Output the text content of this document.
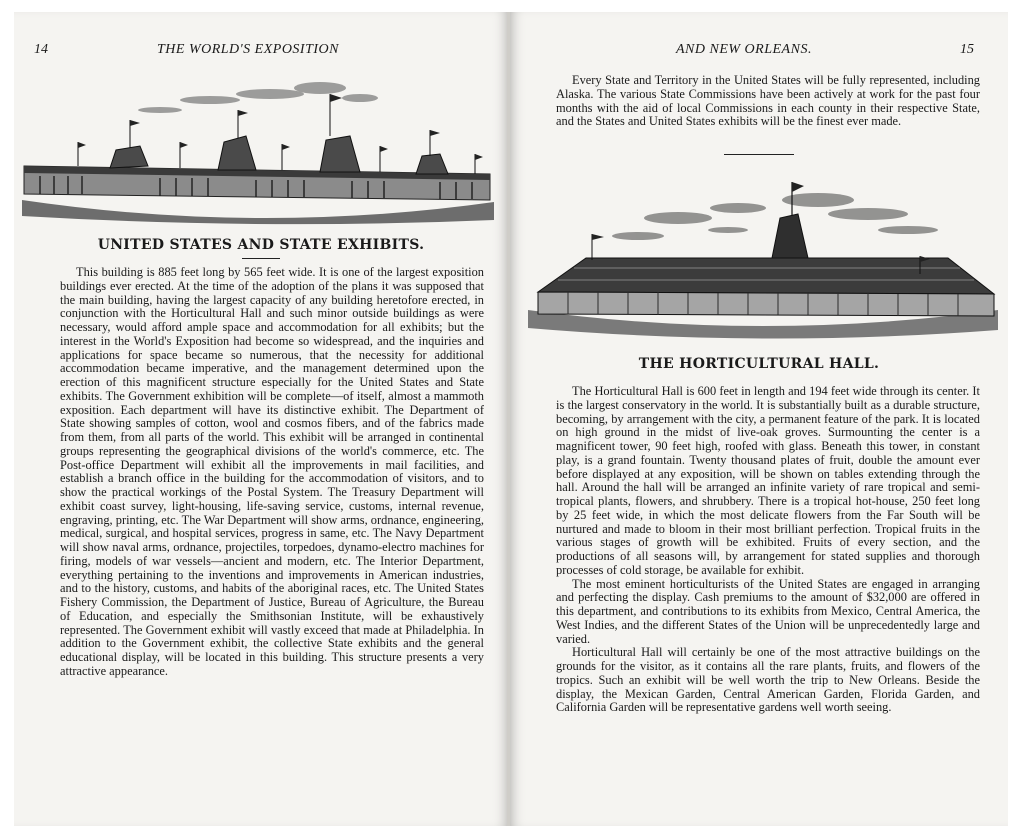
14	THE WORLD'S EXPOSITION
UNITED STATES AND STATE EXHIBITS.

This building is 885 feet long by 565 feet wide. It is one of the largest exposition buildings ever erected. At the time of the adoption of the plans it was supposed that the main building, having the largest capacity of any building heretofore erected, in conjunction with the Horticultural Hall and such minor outside buildings as were necessary, would afford ample space and accommodation for all exhibits; but the interest in the World's Exposition had become so widespread, and the inquiries and applications for space became so numerous, that the necessity for additional accommodation became imperative, and the management determined upon the erection of this magnificent structure especially for the United States and State exhibits. The Government exhibition will be complete—of itself, almost a mammoth exposition. Each department will have its distinctive exhibit. The Department of State showing samples of cotton, wool and cosmos fibers, and of the fabrics made from them, from all parts of the world. This exhibit will be arranged in continental groups representing the geographical divisions of the world's commerce, etc. The Post-office Department will exhibit all the improvements in mail facilities, and establish a branch office in the building for the accommodation of visitors, and to show the practical workings of the Postal System. The Treasury Department will exhibit coast survey, light-housing, life-saving service, customs, internal revenue, engraving, printing, etc. The War Department will show arms, ordnance, engineering, medical, surgical, and hospital services, progress in same, etc. The Navy Department will show naval arms, ordnance, projectiles, torpedoes, dynamo-electro machines for firing, models of war vessels—ancient and modern, etc. The Interior Department, everything pertaining to the inventions and improvements in American industries, and to the history, customs, and habits of the aboriginal races, etc. The United States Fishery Commission, the Department of Justice, Bureau of Agriculture, the Bureau of Education, and especially the Smithsonian Institute, will be exhaustively represented. The Government exhibit will vastly exceed that made at Philadelphia. In addition to the Government exhibit, the collective State exhibits and the general educational display, will be located in this building. This structure presents a very attractive appearance.

AND NEW ORLEANS.	15

Every State and Territory in the United States will be fully represented, including Alaska. The various State Commissions have been actively at work for the past four months with the aid of local Commissions in each county in their respective State, and the States and United States exhibits will be the finest ever made.

THE HORTICULTURAL HALL.

The Horticultural Hall is 600 feet in length and 194 feet wide through its center. It is the largest conservatory in the world. It is substantially built as a durable structure, becoming, by arrangement with the city, a permanent feature of the park. It is located on high ground in the midst of live-oak groves. Surmounting the center is a magnificent tower, 90 feet high, roofed with glass. Beneath this tower, in constant play, is a grand fountain. Twenty thousand plates of fruit, double the amount ever before displayed at any exposition, will be shown on tables extending through the hall. Around the hall will be arranged an infinite variety of rare tropical and semi-tropical plants, flowers, and shrubbery. There is a tropical hot-house, 250 feet long by 25 feet wide, in which the most delicate flowers from the Far South will be nurtured and made to bloom in their most brilliant perfection. Tropical fruits in the various stages of growth will be exhibited. Fruits of every section, and the productions of all seasons will, by arrangement for stated supplies and thorough processes of cold storage, be available for exhibit.

The most eminent horticulturists of the United States are engaged in arranging and perfecting the display. Cash premiums to the amount of $32,000 are offered in this department, and contributions to its exhibits from Mexico, Central America, the West Indies, and the different States of the Union will be unprecedentedly large and varied.

Horticultural Hall will certainly be one of the most attractive buildings on the grounds for the visitor, as it contains all the rare plants, fruits, and flowers of the tropics. Such an exhibit will be well worth the trip to New Orleans. Beside the display, the Mexican Garden, Central American Garden, Florida Garden, and California Garden will be representative gardens well worth seeing.
